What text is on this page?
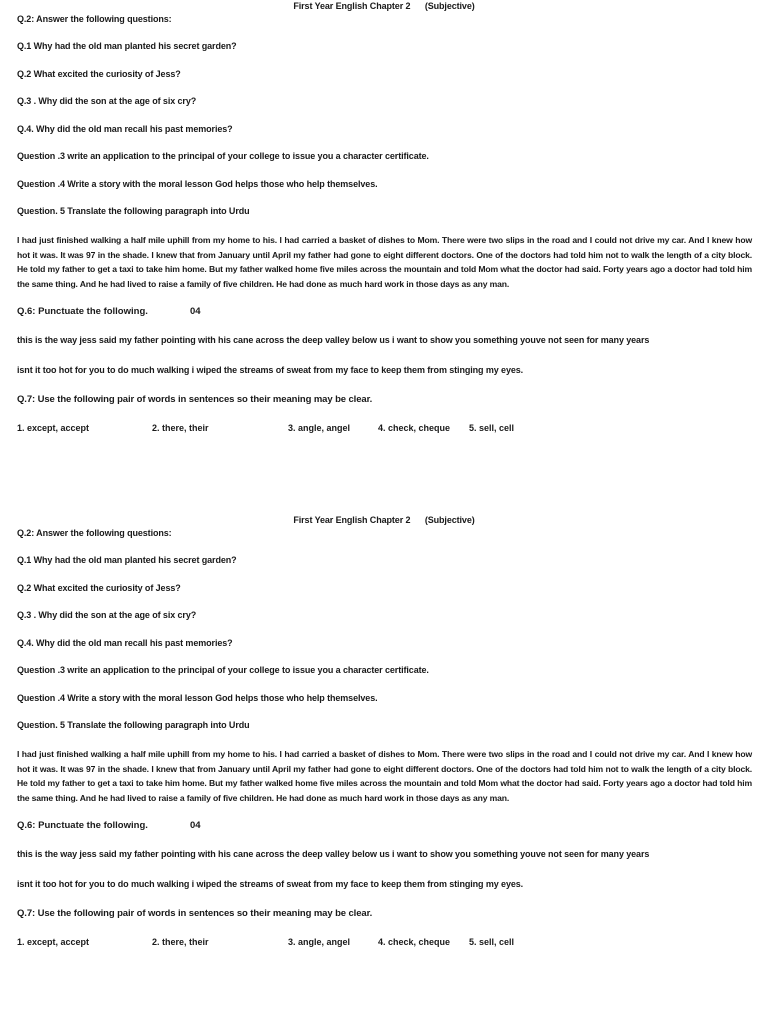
First Year English Chapter 2      (Subjective)
Q.2: Answer the following questions:
Q.1 Why had the old man planted his secret garden?
Q.2 What excited the curiosity of Jess?
Q.3 . Why did the son at the age of six cry?
Q.4. Why did the old man recall his past memories?
Question .3 write an application to the principal of your college to issue you a character certificate.
Question .4 Write a story with the moral lesson God helps those who help themselves.
Question. 5 Translate the following paragraph into Urdu
I had just finished walking a half mile uphill from my home to his. I had carried a basket of dishes to Mom. There were two slips in the road and I could not drive my car. And I knew how hot it was. It was 97 in the shade. I knew that from January until April my father had gone to eight different doctors. One of the doctors had told him not to walk the length of a city block. He told my father to get a taxi to take him home. But my father walked home five miles across the mountain and told Mom what the doctor had said. Forty years ago a doctor had told him the same thing. And he had lived to raise a family of five children. He had done as much hard work in those days as any man.
Q.6: Punctuate the following.	04
this is the way jess said my father pointing with his cane across the deep valley below us i want to show you something youve not seen for many years
isnt it too hot for you to do much walking i wiped the streams of sweat from my face to keep them from stinging my eyes.
Q.7: Use the following pair of words in sentences so their meaning may be clear.
1. except, accept	2. there, their	3. angle, angel	4. check, cheque 5. sell, cell
First Year English Chapter 2      (Subjective)
Q.2: Answer the following questions:
Q.1 Why had the old man planted his secret garden?
Q.2 What excited the curiosity of Jess?
Q.3 . Why did the son at the age of six cry?
Q.4. Why did the old man recall his past memories?
Question .3 write an application to the principal of your college to issue you a character certificate.
Question .4 Write a story with the moral lesson God helps those who help themselves.
Question. 5 Translate the following paragraph into Urdu
I had just finished walking a half mile uphill from my home to his. I had carried a basket of dishes to Mom. There were two slips in the road and I could not drive my car. And I knew how hot it was. It was 97 in the shade. I knew that from January until April my father had gone to eight different doctors. One of the doctors had told him not to walk the length of a city block. He told my father to get a taxi to take him home. But my father walked home five miles across the mountain and told Mom what the doctor had said. Forty years ago a doctor had told him the same thing. And he had lived to raise a family of five children. He had done as much hard work in those days as any man.
Q.6: Punctuate the following.	04
this is the way jess said my father pointing with his cane across the deep valley below us i want to show you something youve not seen for many years
isnt it too hot for you to do much walking i wiped the streams of sweat from my face to keep them from stinging my eyes.
Q.7: Use the following pair of words in sentences so their meaning may be clear.
1. except, accept	2. there, their	3. angle, angel	4. check, cheque 5. sell, cell
